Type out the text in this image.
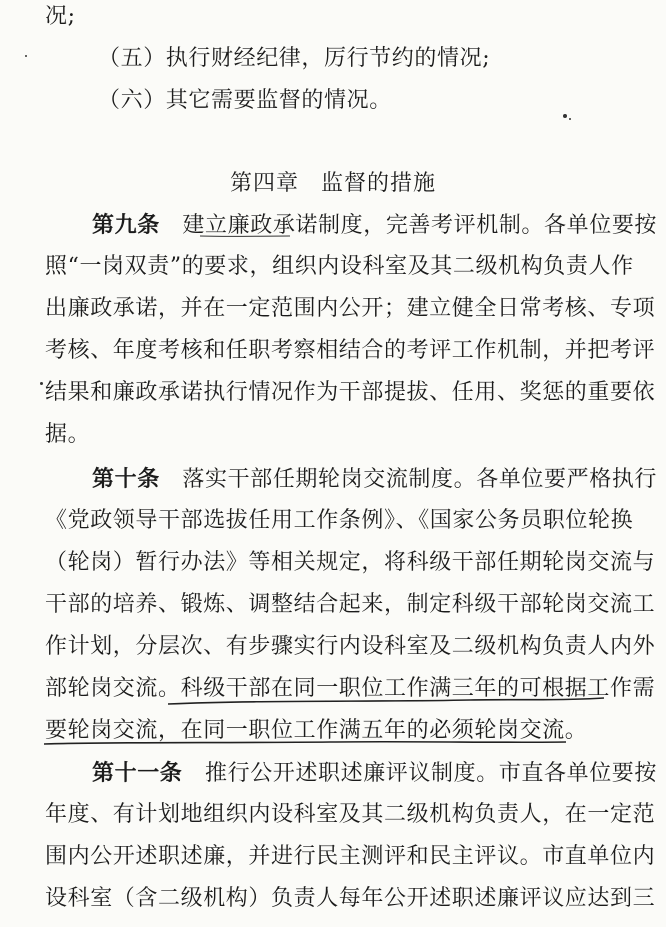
况;
（五）执行财经纪律，厉行节约的情况;
（六）其它需要监督的情况。
第四章 监督的措施
第九条　建立廉政承诺制度，完善考评机制。各单位要按
照“一岗双责”的要求，组织内设科室及其二级机构负责人作
出廉政承诺，并在一定范围内公开；建立健全日常考核、专项
考核、年度考核和任职考察相结合的考评工作机制，并把考评
结果和廉政承诺执行情况作为干部提拔、任用、奖惩的重要依
据。
第十条　落实干部任期轮岗交流制度。各单位要严格执行
《党政领导干部选拔任用工作条例》、《国家公务员职位轮换
（轮岗）暂行办法》等相关规定，将科级干部任期轮岗交流与
干部的培养、锻炼、调整结合起来，制定科级干部轮岗交流工
作计划，分层次、有步骤实行内设科室及二级机构负责人内外
部轮岗交流。科级干部在同一职位工作满三年的可根据工作需
要轮岗交流，在同一职位工作满五年的必须轮岗交流。
第十一条　推行公开述职述廉评议制度。市直各单位要按
年度、有计划地组织内设科室及其二级机构负责人，在一定范
围内公开述职述廉，并进行民主测评和民主评议。市直单位内
设科室（含二级机构）负责人每年公开述职述廉评议应达到三
